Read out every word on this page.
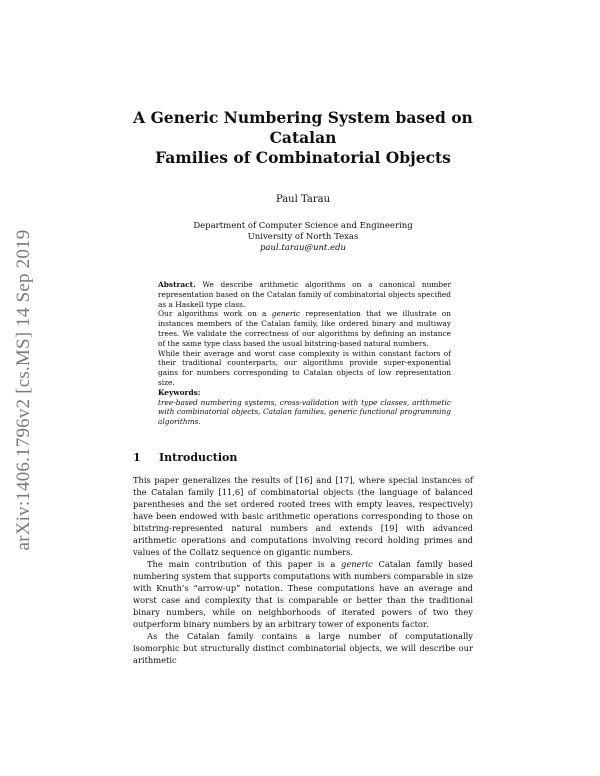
arXiv:1406.1796v2 [cs.MS] 14 Sep 2019
A Generic Numbering System based on Catalan
Families of Combinatorial Objects
Paul Tarau
Department of Computer Science and Engineering
University of North Texas
paul.tarau@unt.edu

Abstract. We describe arithmetic algorithms on a canonical number representation based on the Catalan family of combinatorial objects specified as a Haskell type class.

Our algorithms work on a generic representation that we illustrate on instances members of the Catalan family, like ordered binary and multiway trees. We validate the correctness of our algorithms by defining an instance of the same type class based the usual bitstring-based natural numbers.

While their average and worst case complexity is within constant factors of their traditional counterparts, our algorithms provide super-exponential gains for numbers corresponding to Catalan objects of low representation size.

Keywords:
tree-based numbering systems, cross-validation with type classes, arithmetic with combinatorial objects, Catalan families, generic functional programming algorithms.

1 Introduction

This paper generalizes the results of [16] and [17], where special instances of the Catalan family [11,6] of combinatorial objects (the language of balanced parentheses and the set ordered rooted trees with empty leaves, respectively) have been endowed with basic arithmetic operations corresponding to those on bitstring-represented natural numbers and extends [19] with advanced arithmetic operations and computations involving record holding primes and values of the Collatz sequence on gigantic numbers.

The main contribution of this paper is a generic Catalan family based numbering system that supports computations with numbers comparable in size with Knuth’s “arrow-up” notation. These computations have an average and worst case and complexity that is comparable or better than the traditional binary numbers, while on neighborhoods of iterated powers of two they outperform binary numbers by an arbitrary tower of exponents factor.

As the Catalan family contains a large number of computationally isomorphic but structurally distinct combinatorial objects, we will describe our arithmetic
